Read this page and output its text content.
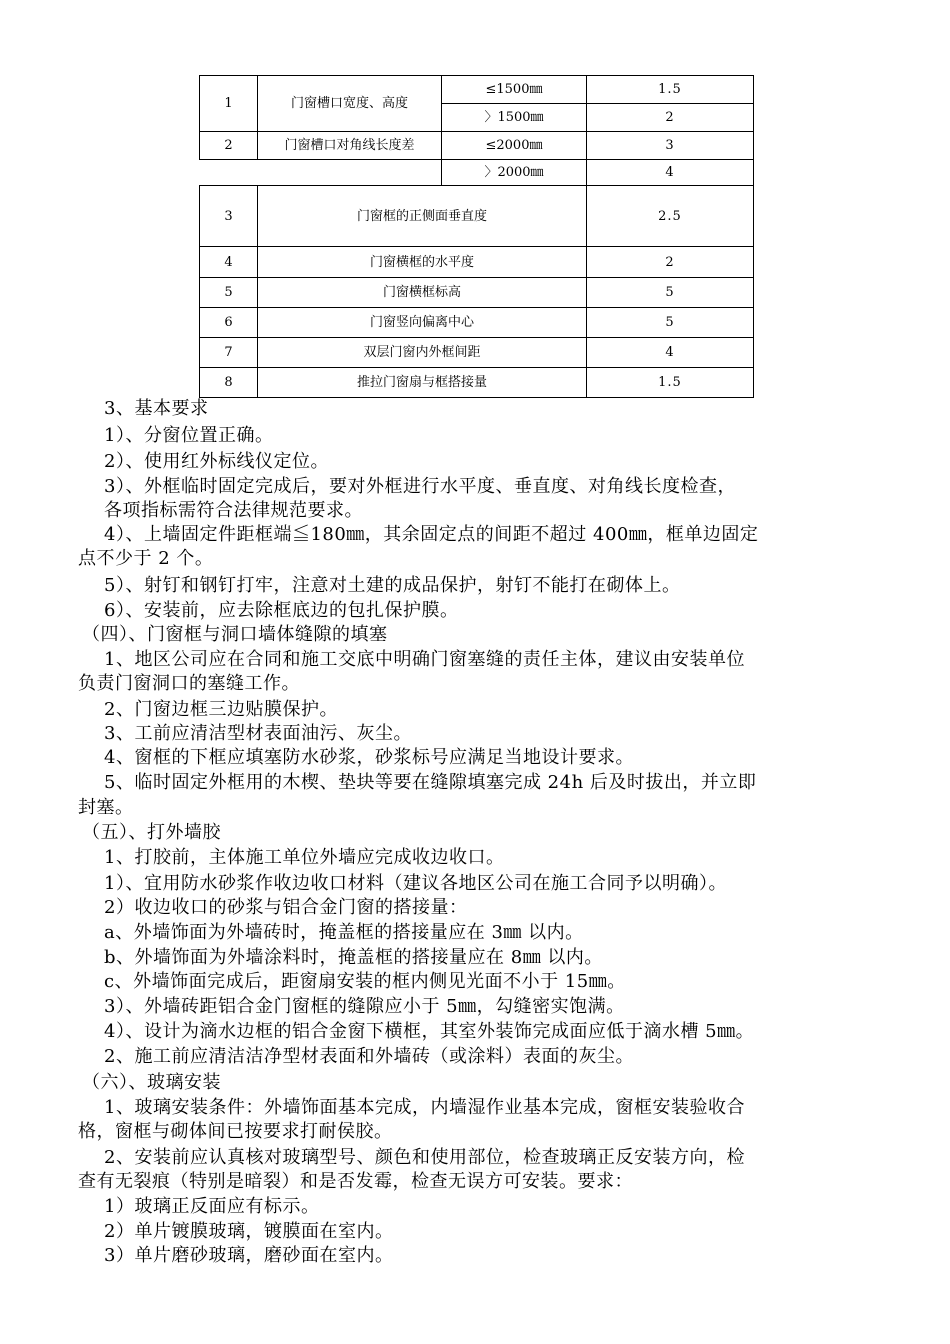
1	门窗槽口宽度、高度
≤1500㎜	1.5
〉1500㎜	2
2	门窗槽口对角线长度差	≤2000㎜	3
〉2000㎜	4
3	门窗框的正侧面垂直度	2.5
4	门窗横框的水平度	2
5	门窗横框标高	5
6	门窗竖向偏离中心	5
7	双层门窗内外框间距	4
8	推拉门窗扇与框搭接量	1.5
3、基本要求
1）、分窗位置正确。
2）、使用红外标线仪定位。
3）、外框临时固定完成后，要对外框进行水平度、垂直度、对角线长度检查，
各项指标需符合法律规范要求。
4）、上墙固定件距框端≦180㎜，其余固定点的间距不超过 400㎜，框单边固定
点不少于 2 个。
5）、射钉和钢钉打牢，注意对土建的成品保护，射钉不能打在砌体上。
6）、安装前，应去除框底边的包扎保护膜。
（四）、门窗框与洞口墙体缝隙的填塞
1、地区公司应在合同和施工交底中明确门窗塞缝的责任主体，建议由安装单位
负责门窗洞口的塞缝工作。
2、门窗边框三边贴膜保护。
3、工前应清洁型材表面油污、灰尘。
4、窗框的下框应填塞防水砂浆，砂浆标号应满足当地设计要求。
5、临时固定外框用的木楔、垫块等要在缝隙填塞完成 24h 后及时拔出，并立即
封塞。
（五）、打外墙胶
1、打胶前，主体施工单位外墙应完成收边收口。
1）、宜用防水砂浆作收边收口材料（建议各地区公司在施工合同予以明确）。
2）收边收口的砂浆与铝合金门窗的搭接量：
a、外墙饰面为外墙砖时，掩盖框的搭接量应在 3㎜ 以内。
b、外墙饰面为外墙涂料时，掩盖框的搭接量应在 8㎜ 以内。
c、外墙饰面完成后，距窗扇安装的框内侧见光面不小于 15㎜。
3）、外墙砖距铝合金门窗框的缝隙应小于 5㎜，勾缝密实饱满。
4）、设计为滴水边框的铝合金窗下横框，其室外装饰完成面应低于滴水槽 5㎜。
2、施工前应清洁洁净型材表面和外墙砖（或涂料）表面的灰尘。
（六）、玻璃安装
1、玻璃安装条件：外墙饰面基本完成，内墙湿作业基本完成，窗框安装验收合
格，窗框与砌体间已按要求打耐侯胶。
2、安装前应认真核对玻璃型号、颜色和使用部位，检查玻璃正反安装方向，检
查有无裂痕（特别是暗裂）和是否发霉，检查无误方可安装。要求：
1）玻璃正反面应有标示。
2）单片镀膜玻璃，镀膜面在室内。
3）单片磨砂玻璃，磨砂面在室内。
